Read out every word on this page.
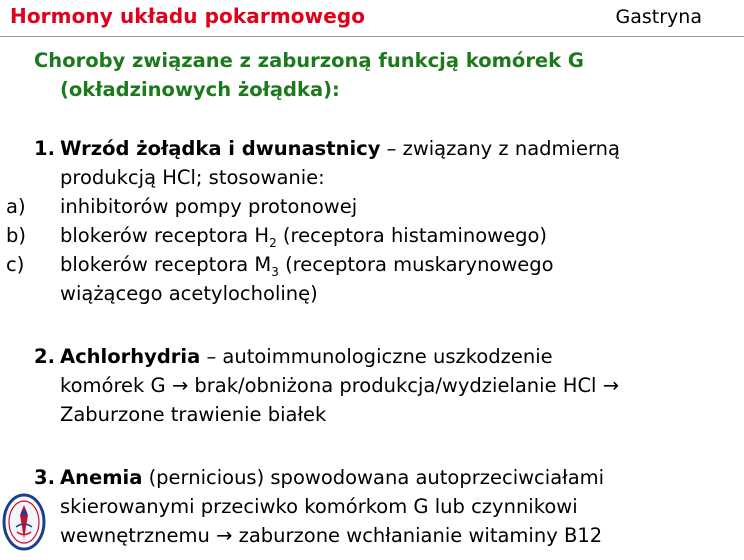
Hormony układu pokarmowego	Gastryna
Choroby związane z zaburzoną funkcją komórek G
(okładzinowych żołądka):
1. Wrzód żołądka i dwunastnicy – związany z nadmierną
produkcją HCl; stosowanie:
a) inhibitorów pompy protonowej
b) blokerów receptora $H_2$ (receptora histaminowego)
c) blokerów receptora $M_3$ (receptora muskarynowego
wiążącego acetylocholinę)
2. Achlorhydria – autoimmunologiczne uszkodzenie
komórek G → brak/obniżona produkcja/wydzielanie HCl →
Zaburzone trawienie białek
3. Anemia (pernicious) spowodowana autoprzeciwciałami
skierowanymi przeciwko komórkom G lub czynnikowi
wewnętrznemu → zaburzone wchłanianie witaminy B12
